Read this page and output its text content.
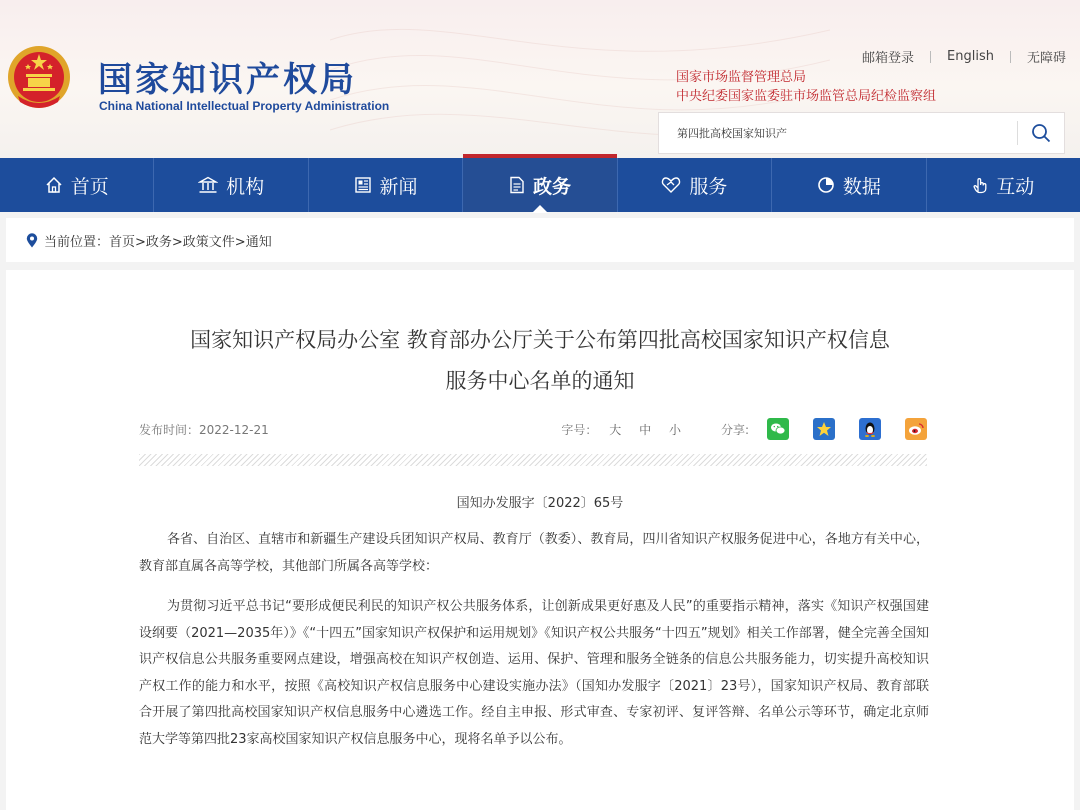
国家知识产权局
China National Intellectual Property Administration
邮箱登录	English	无障碍
国家市场监督管理总局
中央纪委国家监委驻市场监管总局纪检监察组
第四批高校国家知识产
首页	机构	新闻	政务	服务	数据	互动
当前位置： 首页>政务>政策文件>通知
国家知识产权局办公室 教育部办公厅关于公布第四批高校国家知识产权信息
服务中心名单的通知
发布时间：2022-12-21	字号： 大 中 小	分享:
国知办发服字〔2022〕65号
各省、自治区、直辖市和新疆生产建设兵团知识产权局、教育厅（教委）、教育局，四川省知识产权服务促进中心，各地方有关中心，教育部直属各高等学校，其他部门所属各高等学校：
为贯彻习近平总书记“要形成便民利民的知识产权公共服务体系，让创新成果更好惠及人民”的重要指示精神，落实《知识产权强国建设纲要（2021—2035年）》《“十四五”国家知识产权保护和运用规划》《知识产权公共服务“十四五”规划》相关工作部署，健全完善全国知识产权信息公共服务重要网点建设，增强高校在知识产权创造、运用、保护、管理和服务全链条的信息公共服务能力，切实提升高校知识产权工作的能力和水平，按照《高校知识产权信息服务中心建设实施办法》（国知办发服字〔2021〕23号），国家知识产权局、教育部联合开展了第四批高校国家知识产权信息服务中心遴选工作。经自主申报、形式审查、专家初评、复评答辩、名单公示等环节，确定北京师范大学等第四批23家高校国家知识产权信息服务中心，现将名单予以公布。
